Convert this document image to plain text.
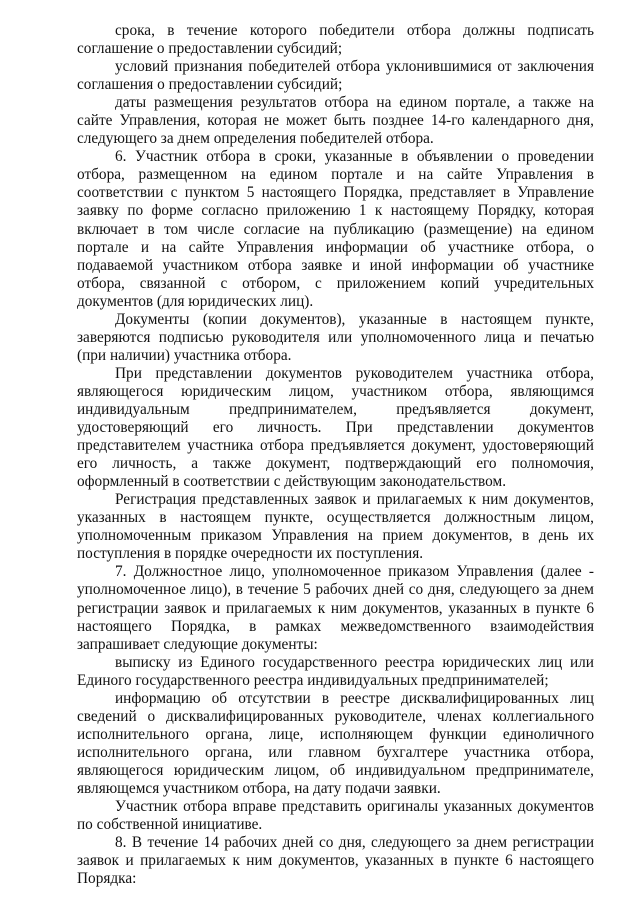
срока, в течение которого победители отбора должны подписать соглашение о предоставлении субсидий;

условий признания победителей отбора уклонившимися от заключения соглашения о предоставлении субсидий;

даты размещения результатов отбора на едином портале, а также на сайте Управления, которая не может быть позднее 14-го календарного дня, следующего за днем определения победителей отбора.

6. Участник отбора в сроки, указанные в объявлении о проведении отбора, размещенном на едином портале и на сайте Управления в соответствии с пунктом 5 настоящего Порядка, представляет в Управление заявку по форме согласно приложению 1 к настоящему Порядку, которая включает в том числе согласие на публикацию (размещение) на едином портале и на сайте Управления информации об участнике отбора, о подаваемой участником отбора заявке и иной информации об участнике отбора, связанной с отбором, с приложением копий учредительных документов (для юридических лиц).

Документы (копии документов), указанные в настоящем пункте, заверяются подписью руководителя или уполномоченного лица и печатью (при наличии) участника отбора.

При представлении документов руководителем участника отбора, являющегося юридическим лицом, участником отбора, являющимся индивидуальным предпринимателем, предъявляется документ, удостоверяющий его личность. При представлении документов представителем участника отбора предъявляется документ, удостоверяющий его личность, а также документ, подтверждающий его полномочия, оформленный в соответствии с действующим законодательством.

Регистрация представленных заявок и прилагаемых к ним документов, указанных в настоящем пункте, осуществляется должностным лицом, уполномоченным приказом Управления на прием документов, в день их поступления в порядке очередности их поступления.

7. Должностное лицо, уполномоченное приказом Управления (далее - уполномоченное лицо), в течение 5 рабочих дней со дня, следующего за днем регистрации заявок и прилагаемых к ним документов, указанных в пункте 6 настоящего Порядка, в рамках межведомственного взаимодействия запрашивает следующие документы:

выписку из Единого государственного реестра юридических лиц или Единого государственного реестра индивидуальных предпринимателей;

информацию об отсутствии в реестре дисквалифицированных лиц сведений о дисквалифицированных руководителе, членах коллегиального исполнительного органа, лице, исполняющем функции единоличного исполнительного органа, или главном бухгалтере участника отбора, являющегося юридическим лицом, об индивидуальном предпринимателе, являющемся участником отбора, на дату подачи заявки.

Участник отбора вправе представить оригиналы указанных документов по собственной инициативе.

8. В течение 14 рабочих дней со дня, следующего за днем регистрации заявок и прилагаемых к ним документов, указанных в пункте 6 настоящего Порядка:
